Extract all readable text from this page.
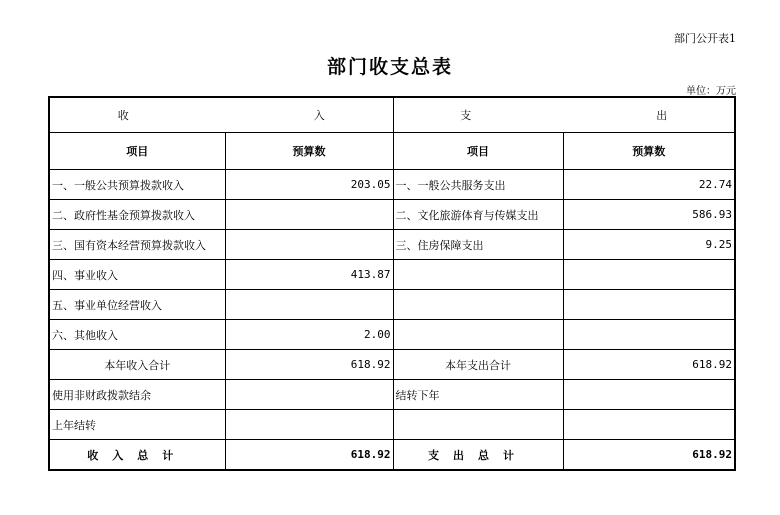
部门公开表1
部门收支总表
单位：万元
收　　　入		支　　　出	
项目	预算数	项目	预算数
一、一般公共预算拨款收入	203.05	一、一般公共服务支出	22.74
二、政府性基金预算拨款收入		二、文化旅游体育与传媒支出	586.93
三、国有资本经营预算拨款收入		三、住房保障支出	9.25
四、事业收入	413.87		
五、事业单位经营收入			
六、其他收入	2.00		
本年收入合计	618.92	本年支出合计	618.92
使用非财政拨款结余		结转下年	
上年结转			
收入总计	618.92	支出总计	618.92
